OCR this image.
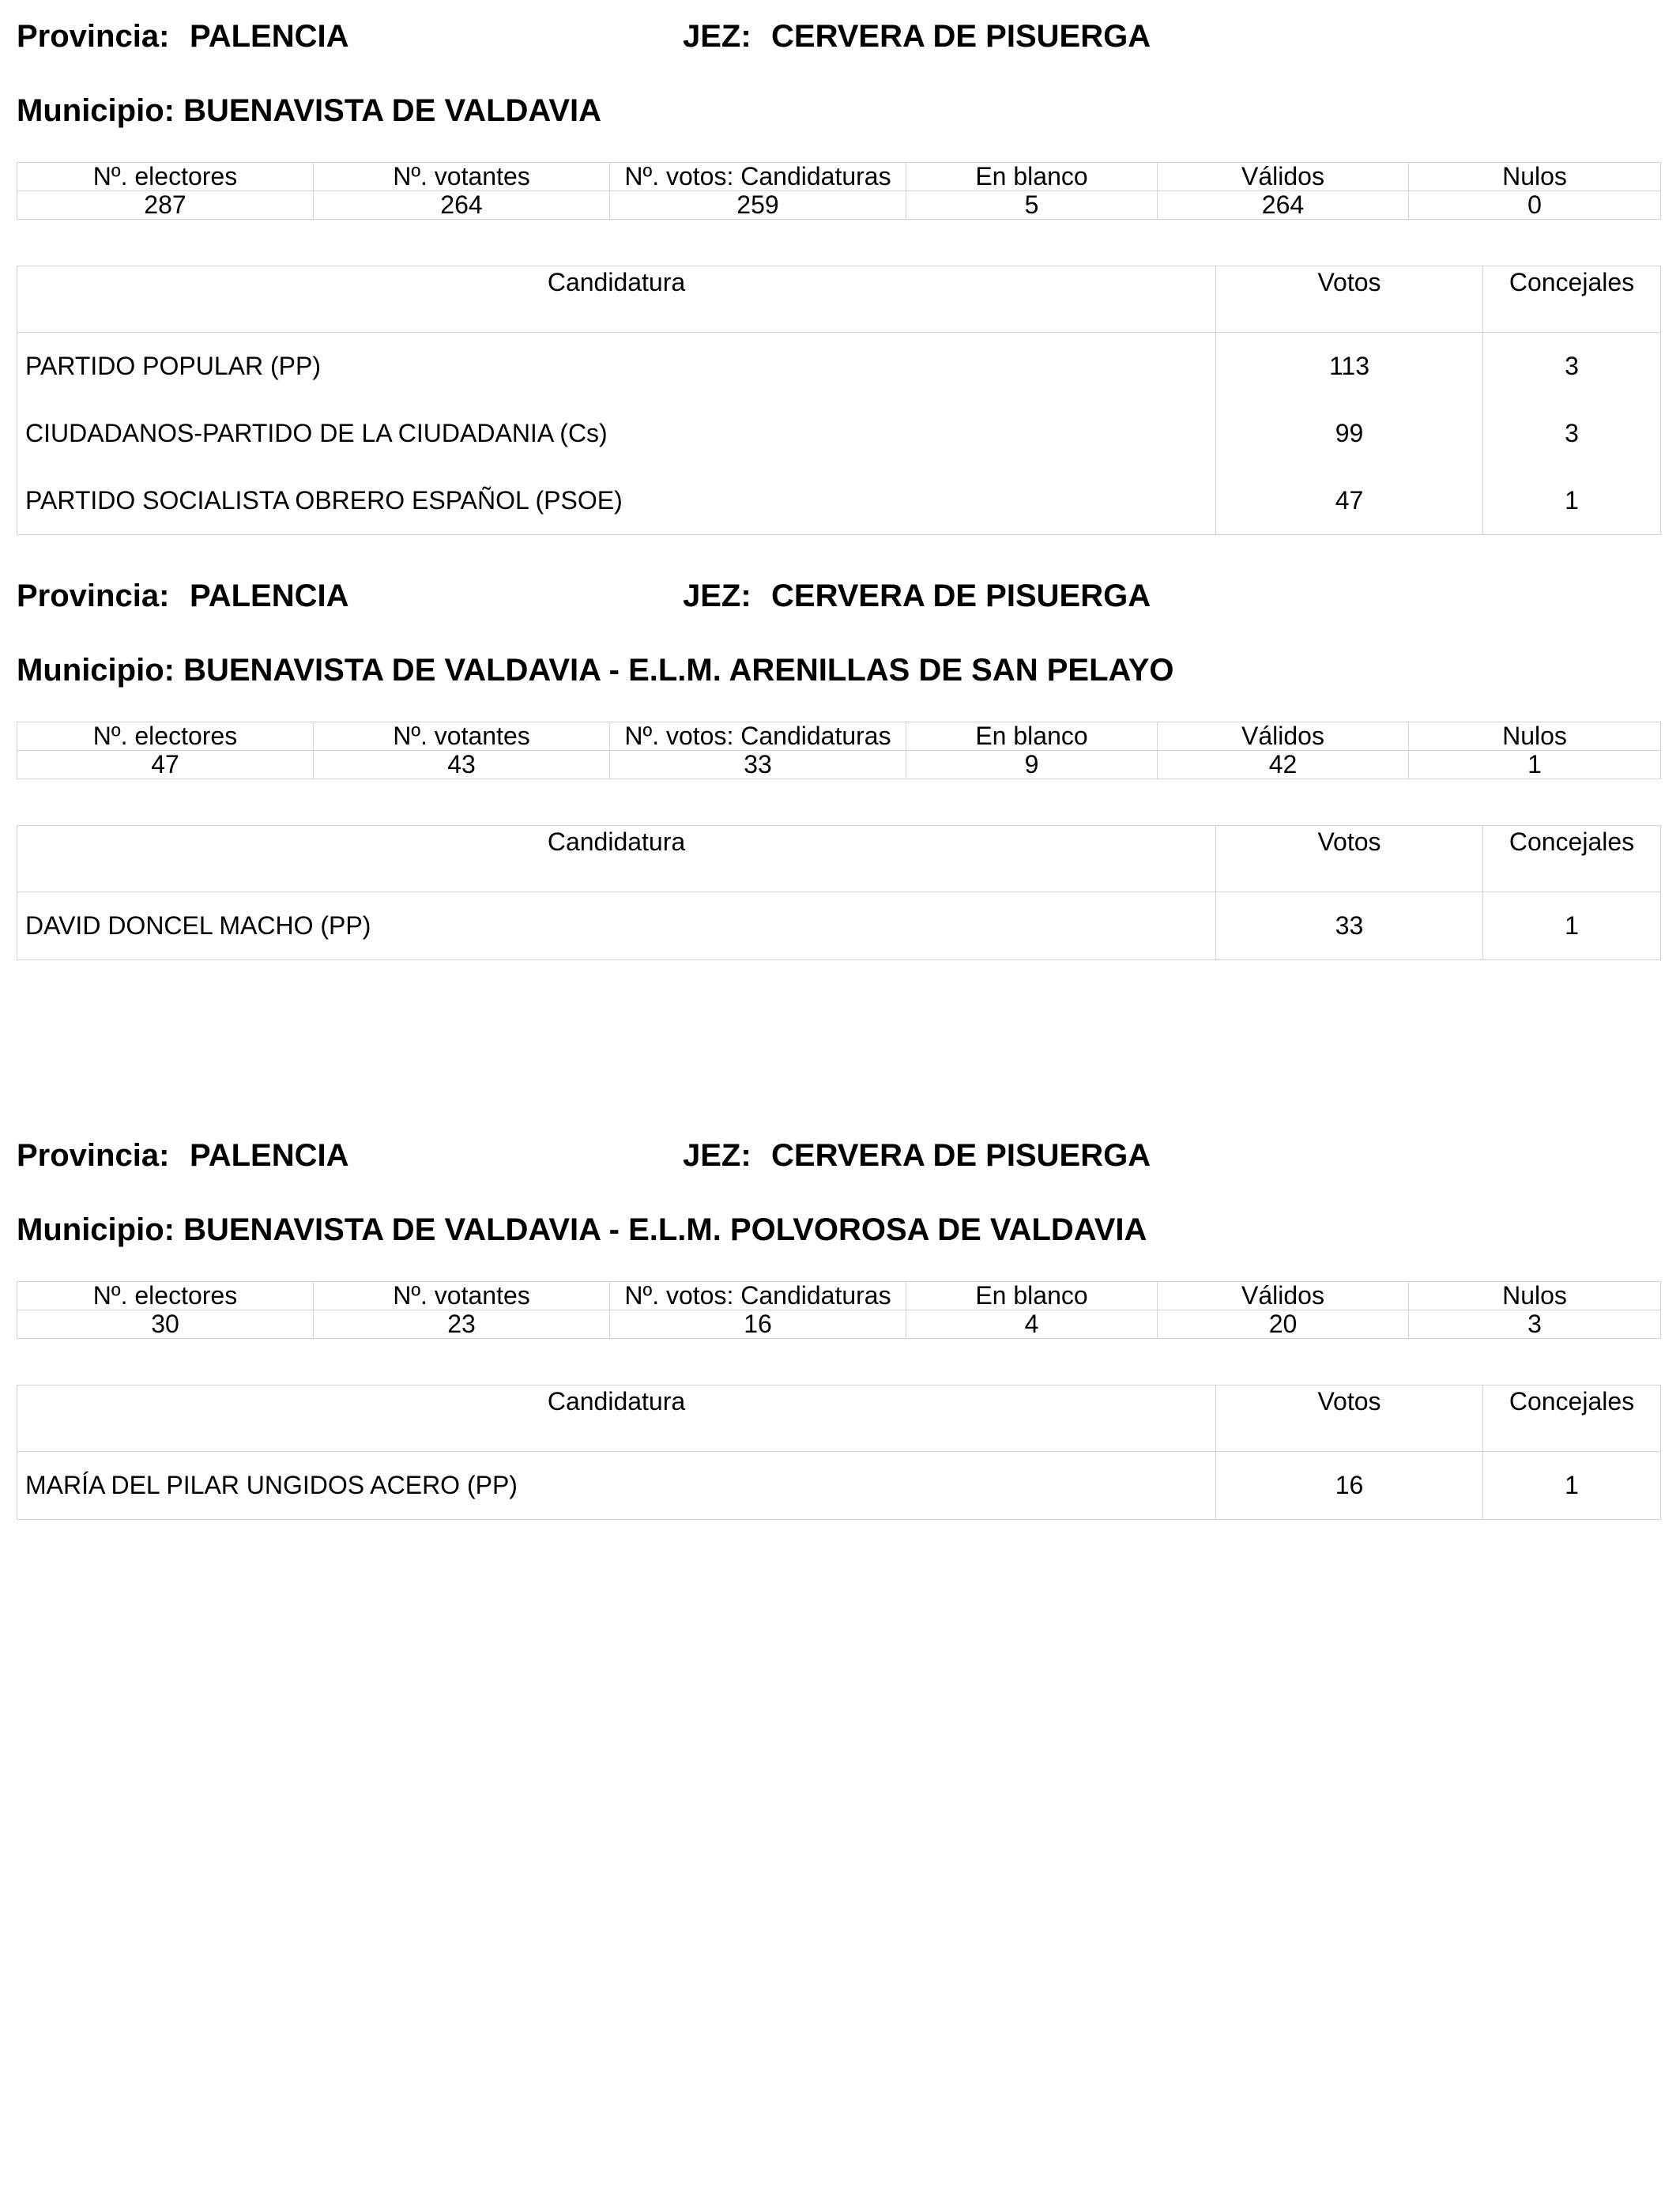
Provincia: PALENCIA	JEZ: CERVERA DE PISUERGA
Municipio: BUENAVISTA DE VALDAVIA
Nº. electores	Nº. votantes	Nº. votos: Candidaturas	En blanco	Válidos	Nulos
287	264	259	5	264	0
Candidatura	Votos	Concejales
PARTIDO POPULAR (PP)	113	3
CIUDADANOS-PARTIDO DE LA CIUDADANIA (Cs)	99	3
PARTIDO SOCIALISTA OBRERO ESPAÑOL (PSOE)	47	1
Provincia: PALENCIA	JEZ: CERVERA DE PISUERGA
Municipio: BUENAVISTA DE VALDAVIA - E.L.M. ARENILLAS DE SAN PELAYO
Nº. electores	Nº. votantes	Nº. votos: Candidaturas	En blanco	Válidos	Nulos
47	43	33	9	42	1
Candidatura	Votos	Concejales
DAVID DONCEL MACHO (PP)	33	1
Provincia: PALENCIA	JEZ: CERVERA DE PISUERGA
Municipio: BUENAVISTA DE VALDAVIA - E.L.M. POLVOROSA DE VALDAVIA
Nº. electores	Nº. votantes	Nº. votos: Candidaturas	En blanco	Válidos	Nulos
30	23	16	4	20	3
Candidatura	Votos	Concejales
MARÍA DEL PILAR UNGIDOS ACERO (PP)	16	1
